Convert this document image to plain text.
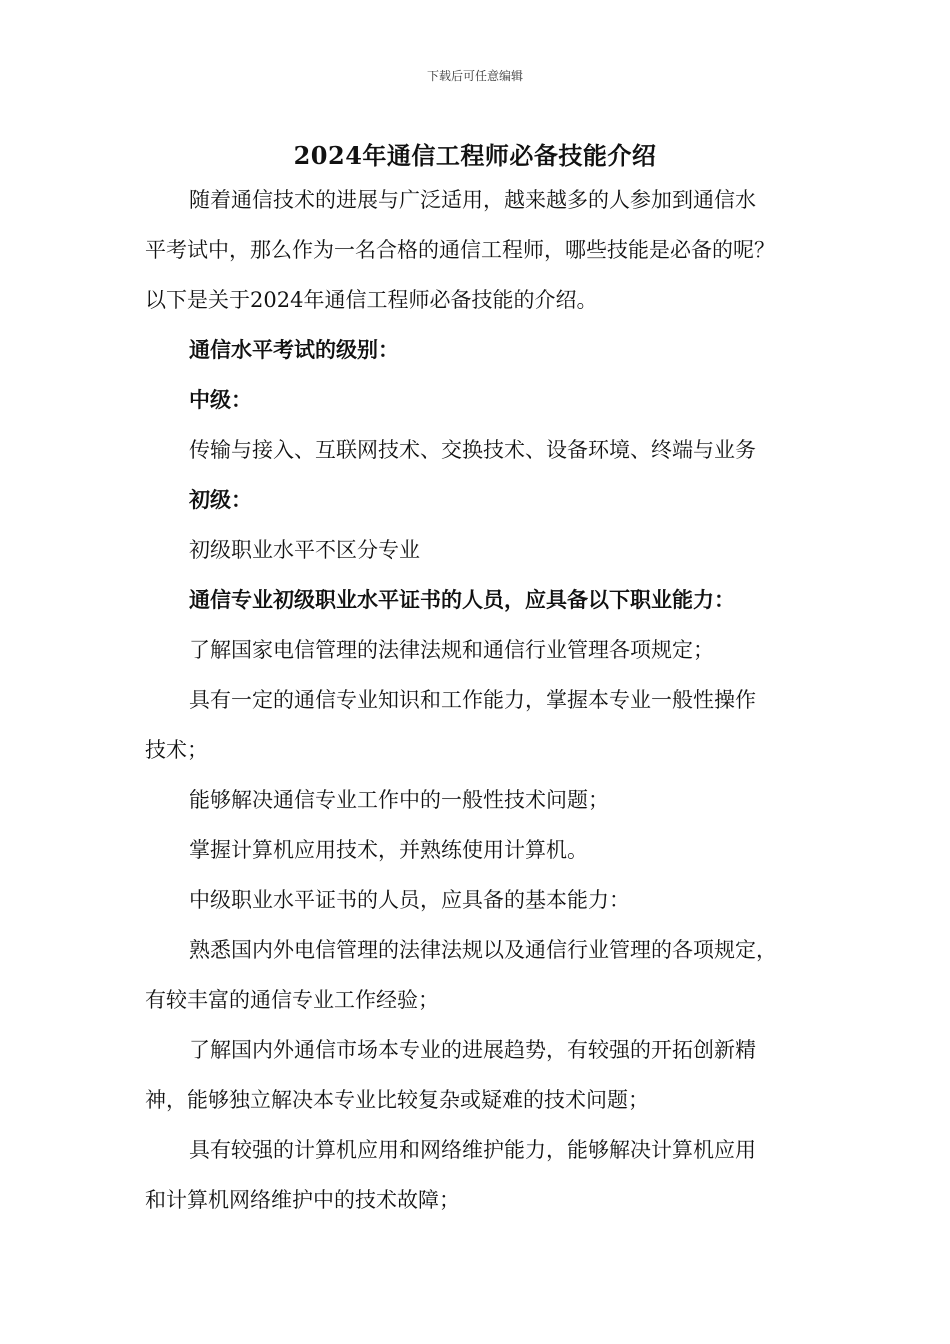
下载后可任意编辑
2024年通信工程师必备技能介绍
随着通信技术的进展与广泛适用，越来越多的人参加到通信水
平考试中，那么作为一名合格的通信工程师，哪些技能是必备的呢？
以下是关于2024年通信工程师必备技能的介绍。
通信水平考试的级别：
中级：
传输与接入、互联网技术、交换技术、设备环境、终端与业务
初级：
初级职业水平不区分专业
通信专业初级职业水平证书的人员，应具备以下职业能力：
了解国家电信管理的法律法规和通信行业管理各项规定；
具有一定的通信专业知识和工作能力，掌握本专业一般性操作
技术；
能够解决通信专业工作中的一般性技术问题；
掌握计算机应用技术，并熟练使用计算机。
中级职业水平证书的人员，应具备的基本能力：
熟悉国内外电信管理的法律法规以及通信行业管理的各项规定，
有较丰富的通信专业工作经验；
了解国内外通信市场本专业的进展趋势，有较强的开拓创新精
神，能够独立解决本专业比较复杂或疑难的技术问题；
具有较强的计算机应用和网络维护能力，能够解决计算机应用
和计算机网络维护中的技术故障；
